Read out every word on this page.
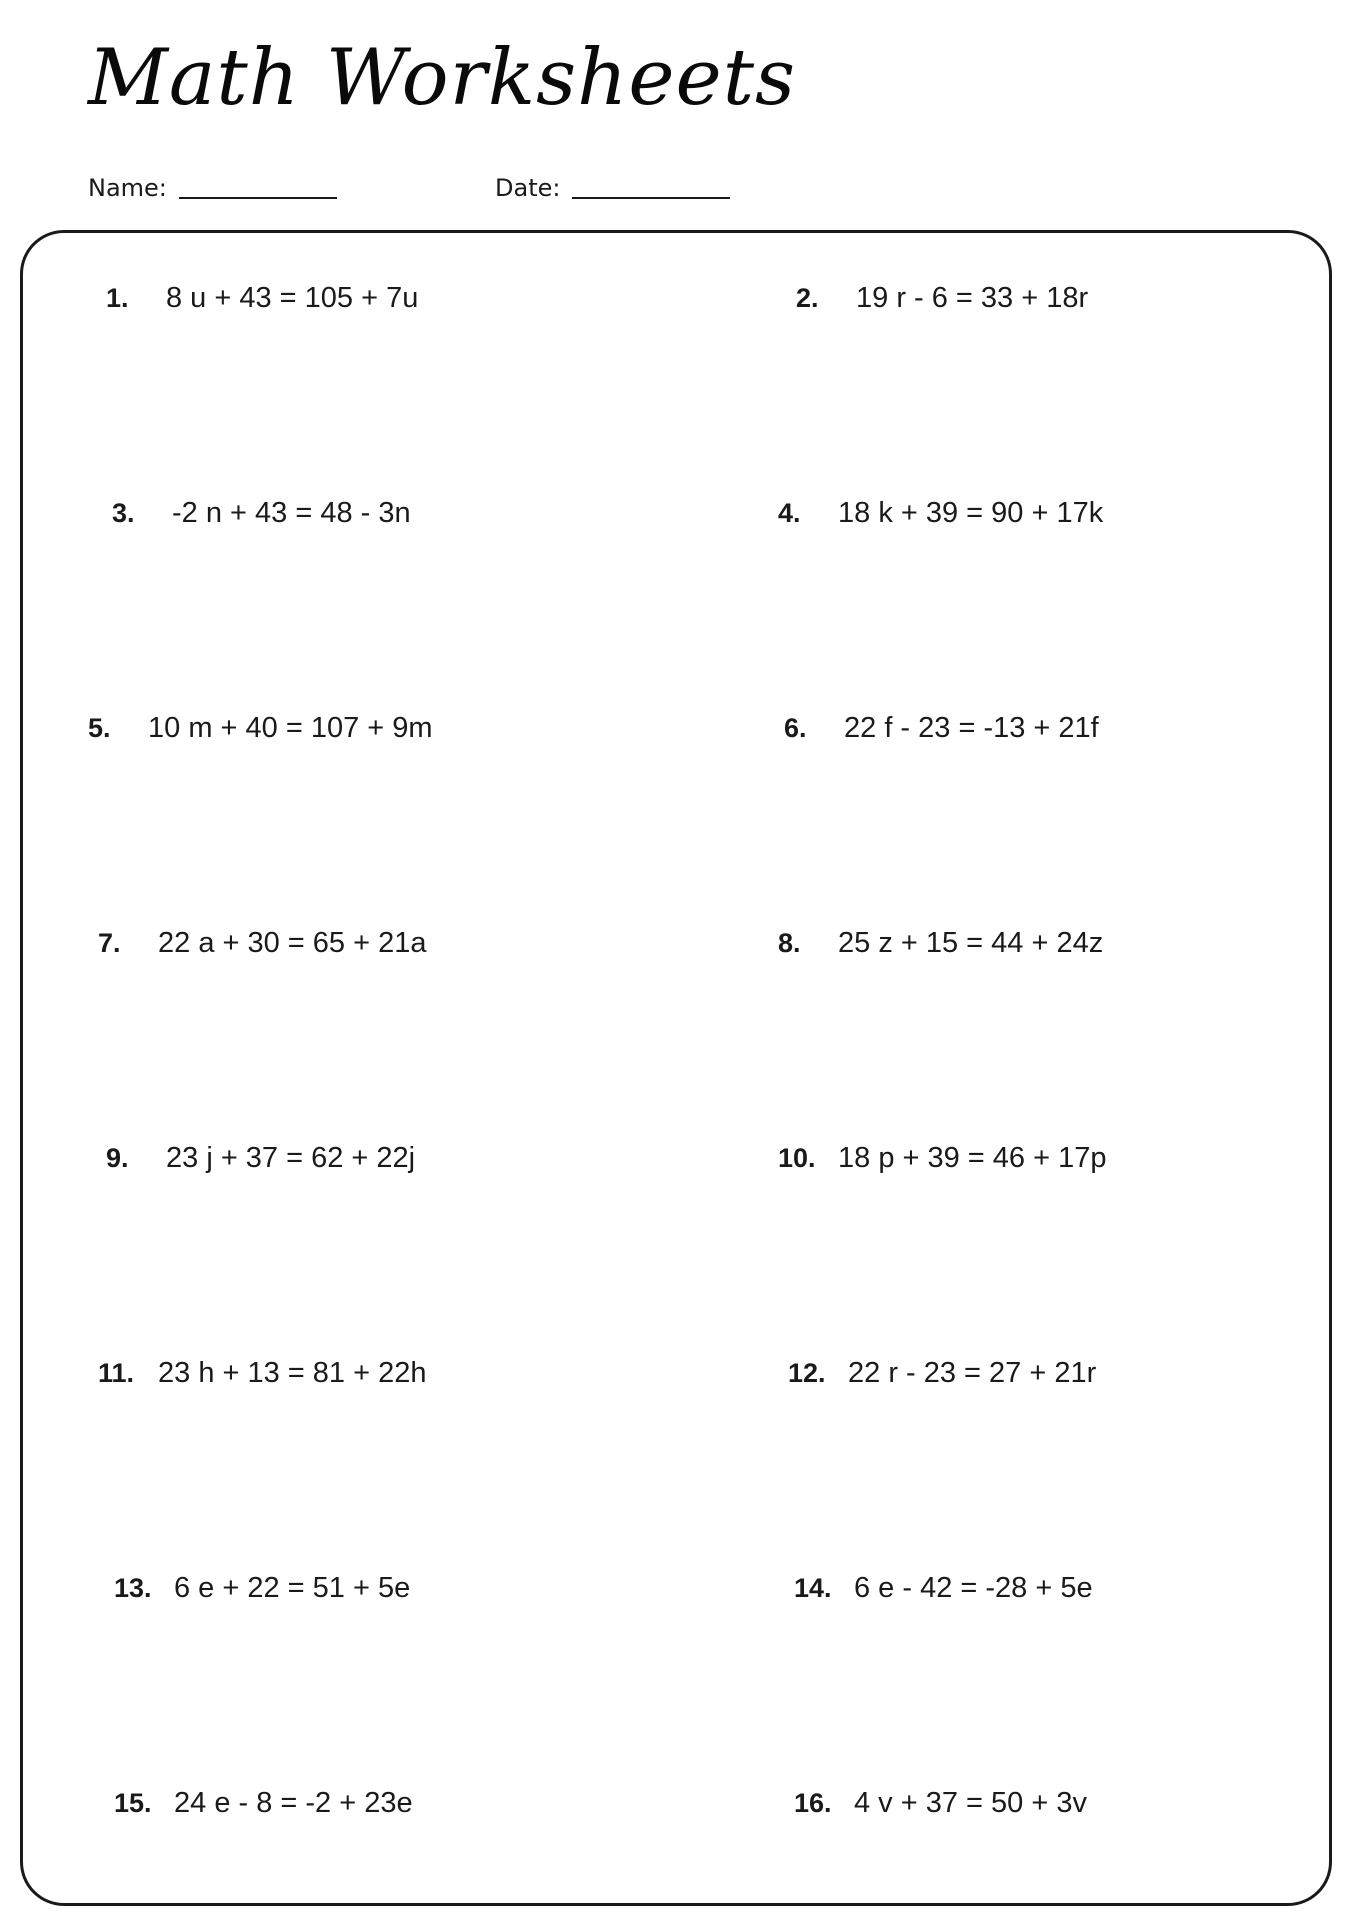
Math Worksheets
Name:	Date:
1.	8 u + 43 = 105 + 7u	2.	19 r - 6 = 33 + 18r
3.	-2 n + 43 = 48 - 3n	4.	18 k + 39 = 90 + 17k
5.	10 m + 40 = 107 + 9m	6.	22 f - 23 = -13 + 21f
7.	22 a + 30 = 65 + 21a	8.	25 z + 15 = 44 + 24z
9.	23 j + 37 = 62 + 22j	10. 18 p + 39 = 46 + 17p
11. 23 h + 13 = 81 + 22h	12. 22 r - 23 = 27 + 21r
13. 6 e + 22 = 51 + 5e	14. 6 e - 42 = -28 + 5e
15. 24 e - 8 = -2 + 23e	16. 4 v + 37 = 50 + 3v
